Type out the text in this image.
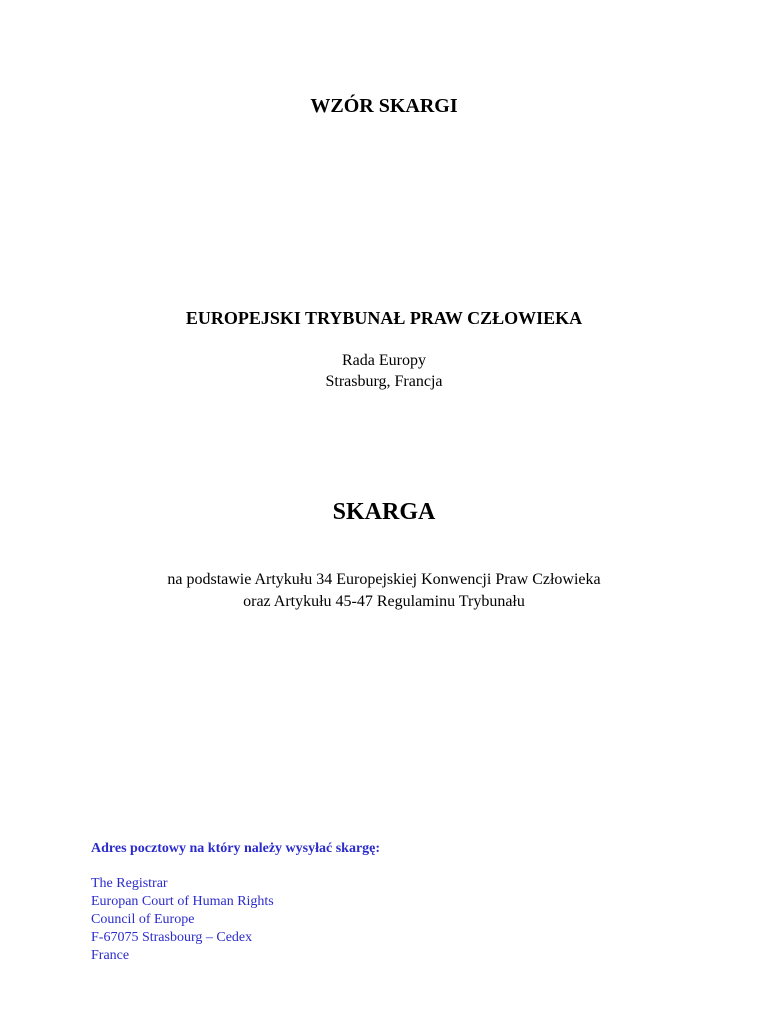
WZÓR SKARGI
EUROPEJSKI TRYBUNAŁ PRAW CZŁOWIEKA
Rada Europy
Strasburg, Francja
SKARGA
na podstawie Artykułu 34 Europejskiej Konwencji Praw Człowieka
oraz Artykułu 45-47 Regulaminu Trybunału
Adres pocztowy na który należy wysyłać skargę:
The Registrar
Europan Court of Human Rights
Council of Europe
F-67075 Strasbourg – Cedex
France
